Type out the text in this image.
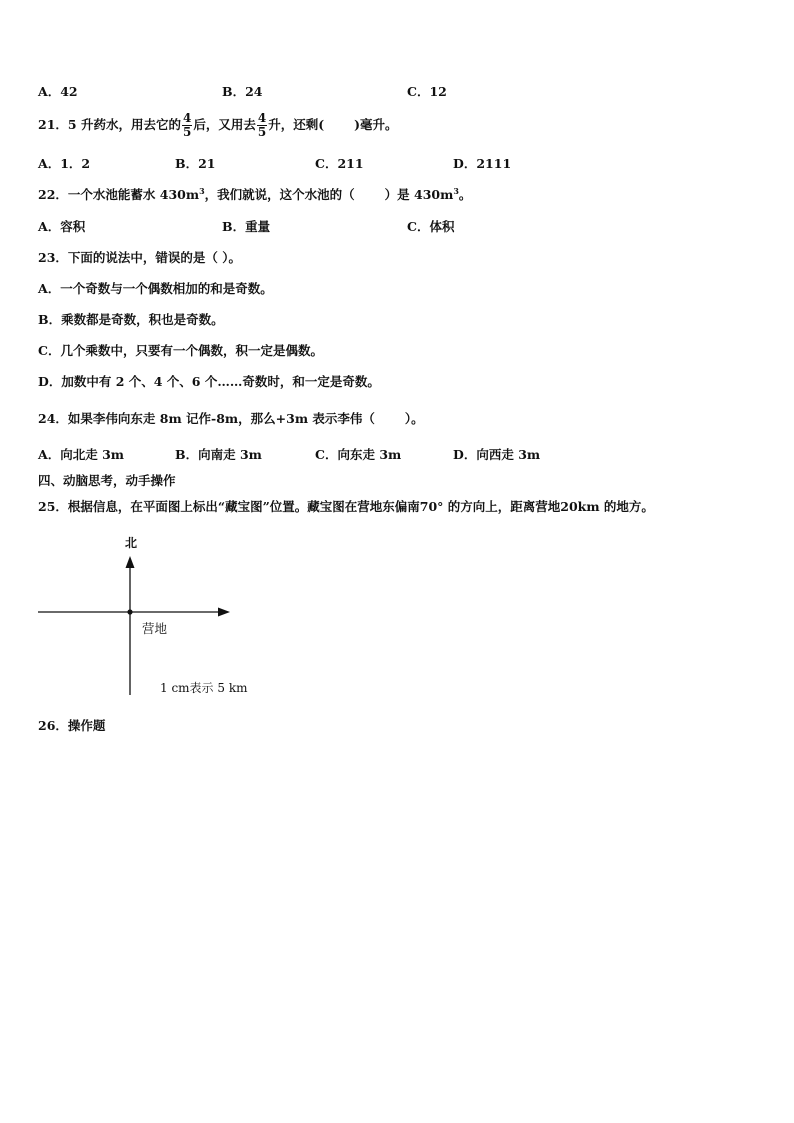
A．42	B．24	C．12
21．5 升药水，用去它的 $\frac{4}{5}$ 后，又用去 $\frac{4}{5}$ 升，还剩( )毫升。
A．1．2	B．21	C．211	D．2111
22．一个水池能蓄水 $430m^3$，我们就说，这个水池的（ ）是 $430m^3$。
A．容积	B．重量	C．体积
23．下面的说法中，错误的是（ ）。
A．一个奇数与一个偶数相加的和是奇数。
B．乘数都是奇数，积也是奇数。
C．几个乘数中，只要有一个偶数，积一定是偶数。
D．加数中有 2 个、4 个、6 个……奇数时，和一定是奇数。
24．如果李伟向东走 8m 记作-8m，那么+3m 表示李伟（ ）。
A．向北走 3m	B．向南走 3m	C．向东走 3m	D．向西走 3m
四、动脑思考，动手操作
25．根据信息，在平面图上标出“藏宝图”位置。藏宝图在营地东偏南70° 的方向上，距离营地20km 的地方。
北
营地
1 cm表示 5 km
26．操作题
